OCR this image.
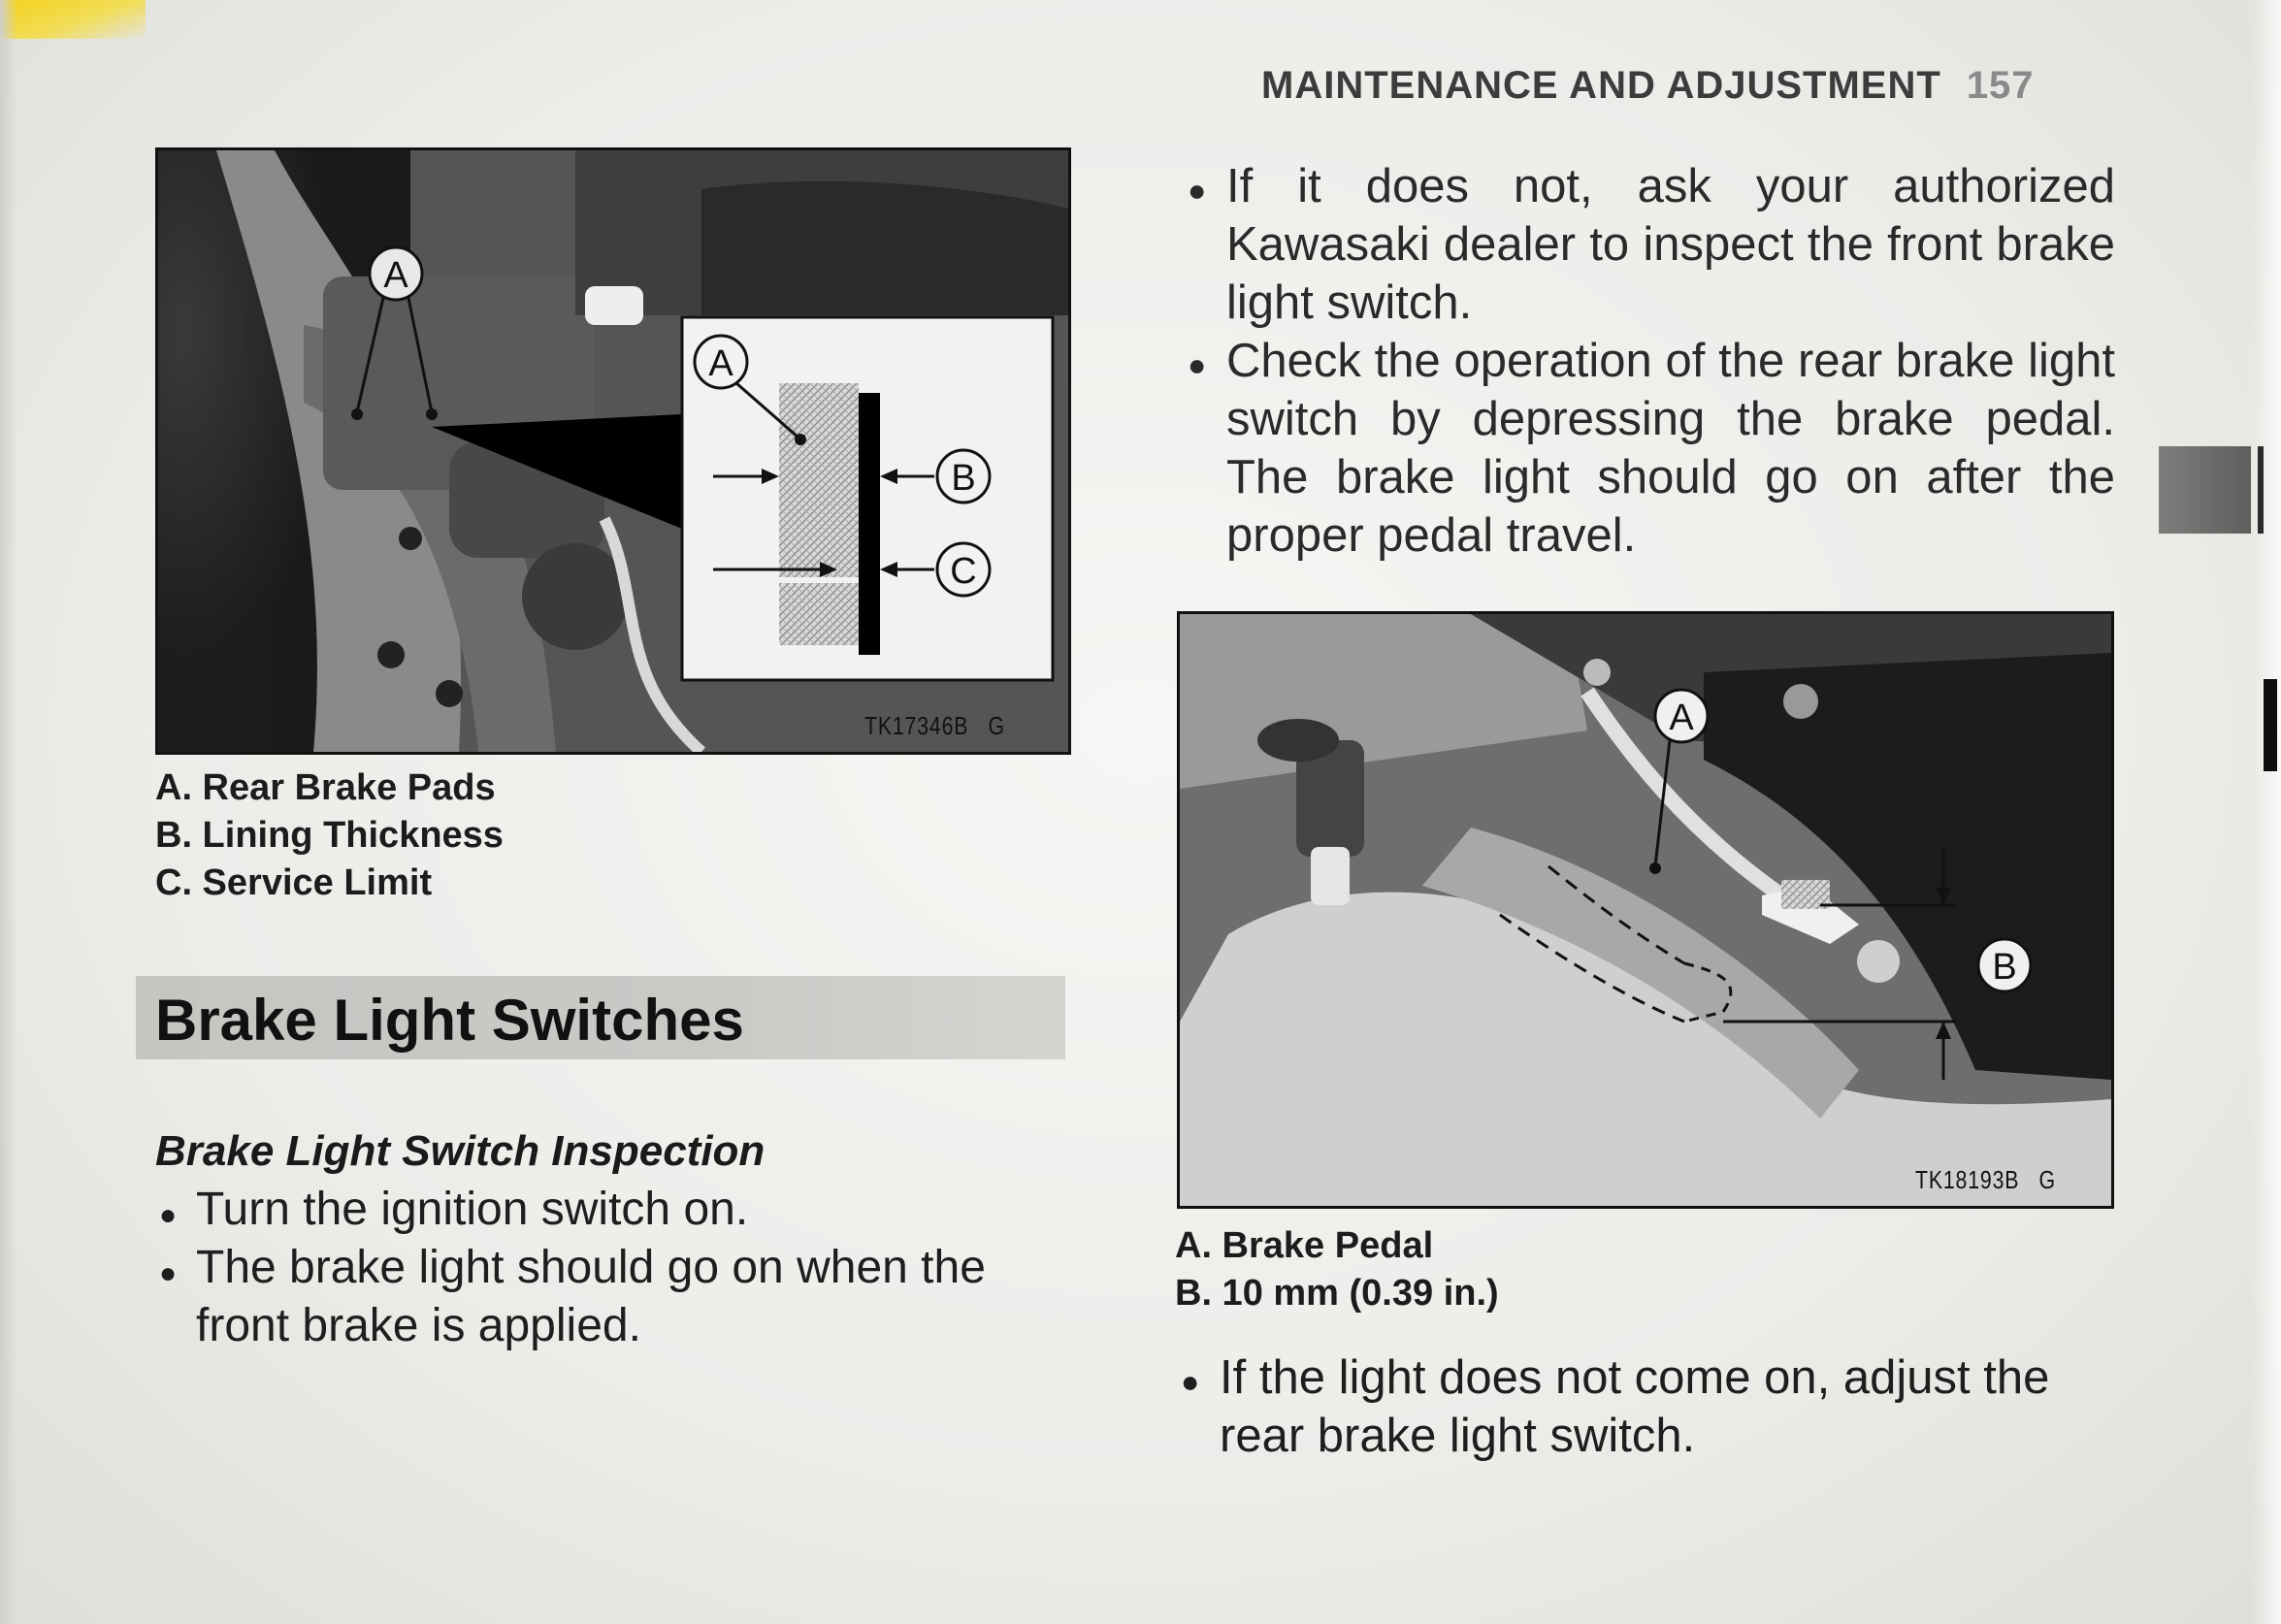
MAINTENANCE AND ADJUSTMENT 157
A
A
B
C
TK17346B G
A. Rear Brake Pads
B. Lining Thickness
C. Service Limit
Brake Light Switches
Brake Light Switch Inspection
● Turn the ignition switch on.
● The brake light should go on when the front brake is applied.
● If it does not, ask your authorized Kawasaki dealer to inspect the front brake light switch.
● Check the operation of the rear brake light switch by depressing the brake pedal. The brake light should go on after the proper pedal travel.
A
B
TK18193B G
A. Brake Pedal
B. 10 mm (0.39 in.)
● If the light does not come on, adjust the rear brake light switch.
